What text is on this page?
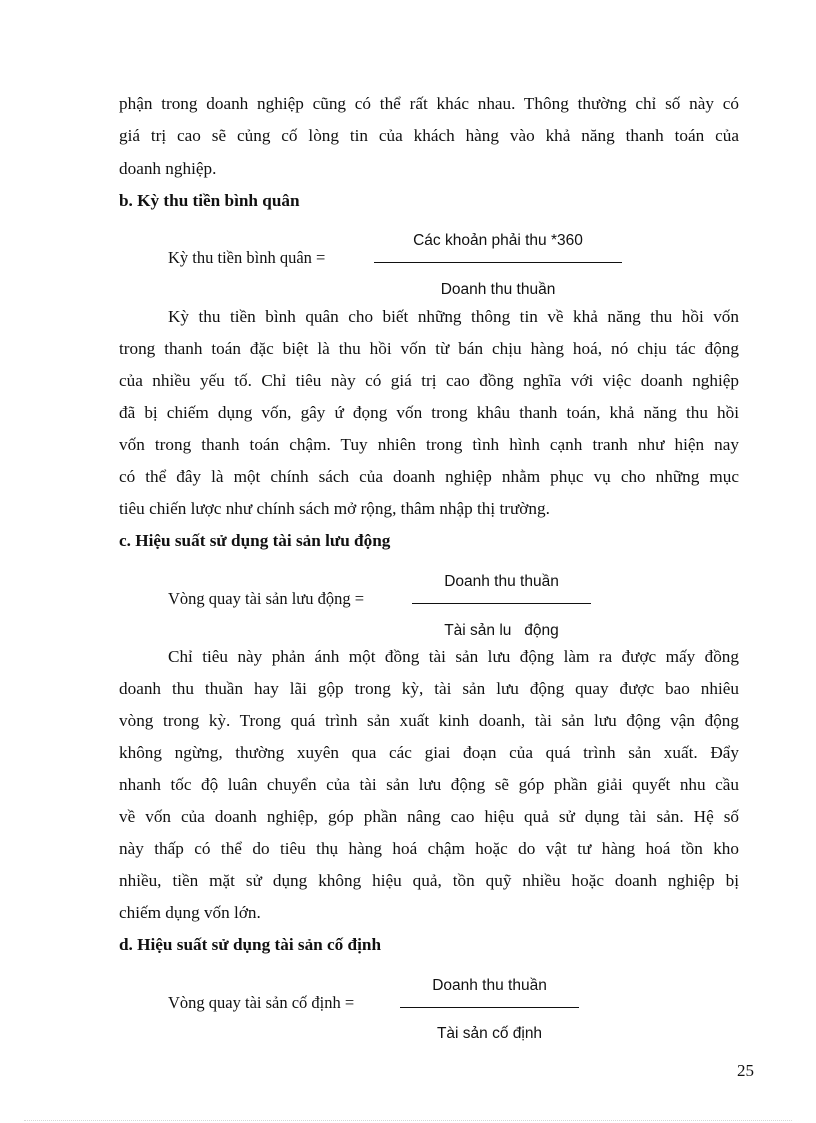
phận trong doanh nghiệp cũng có thể rất khác nhau. Thông thường chỉ số này có
giá trị cao sẽ củng cố lòng tin của khách hàng vào khả năng thanh toán của
doanh nghiệp.
b. Kỳ thu tiền bình quân
Kỳ thu tiền bình quân =
Các khoản phải thu *360
Doanh thu thuần
Kỳ thu tiền bình quân cho biết những thông tin về khả năng thu hồi vốn
trong thanh toán đặc biệt là thu hồi vốn từ bán chịu hàng hoá, nó chịu tác động
của nhiều yếu tố. Chỉ tiêu này có giá trị cao đồng nghĩa với việc doanh nghiệp
đã bị chiếm dụng vốn, gây ứ đọng vốn trong khâu thanh toán, khả năng thu hồi
vốn trong thanh toán chậm. Tuy nhiên trong tình hình cạnh tranh như hiện nay
có thể đây là một chính sách của doanh nghiệp nhằm phục vụ cho những mục
tiêu chiến lược như chính sách mở rộng, thâm nhập thị trường.
c. Hiệu suất sử dụng tài sản lưu động
Vòng quay tài sản lưu động =
Doanh thu thuần
Tài sản lu   động
Chỉ tiêu này phản ánh một đồng tài sản lưu động làm ra được mấy đồng
doanh thu thuần hay lãi gộp trong kỳ, tài sản lưu động quay được bao nhiêu
vòng trong kỳ. Trong quá trình sản xuất kinh doanh, tài sản lưu động vận động
không ngừng, thường xuyên qua các giai đoạn của quá trình sản xuất. Đẩy
nhanh tốc độ luân chuyển của tài sản lưu động sẽ góp phần giải quyết nhu cầu
về vốn của doanh nghiệp, góp phần nâng cao hiệu quả sử dụng tài sản. Hệ số
này thấp có thể do tiêu thụ hàng hoá chậm hoặc do vật tư hàng hoá tồn kho
nhiều, tiền mặt sử dụng không hiệu quả, tồn quỹ nhiều hoặc doanh nghiệp bị
chiếm dụng vốn lớn.
d. Hiệu suất sử dụng tài sản cố định
Vòng quay tài sản cố định =
Doanh thu thuần
Tài sản cố định
25
